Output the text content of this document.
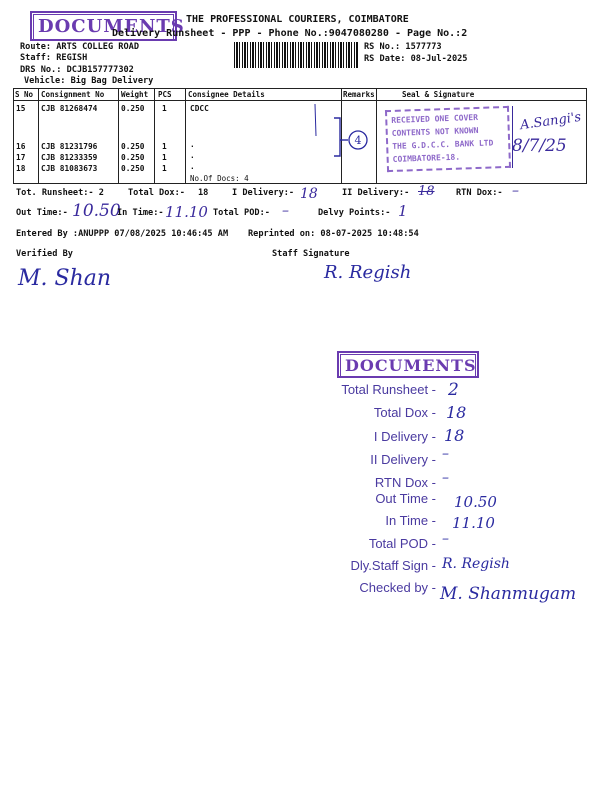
DOCUMENTS THE PROFESSIONAL COURIERS, COIMBATORE
Delivery Runsheet - PPP - Phone No.:9047080280 - Page No.:2
Route: ARTS COLLEG ROAD
Staff: REGISH
DRS No.: DCJB157777302
Vehicle: Big Bag Delivery
RS No.: 1577773
RS Date: 08-Jul-2025
S No Consignment No Weight PCS Consignee Details	Remarks	Seal & Signature
15 CJB 81268474	0.250 1	CDCC
16 CJB 81231796	0.250 1	.
17 CJB 81233359	0.250 1	.
18 CJB 81083673	0.250 1	.
No.Of Docs: 4
4
RECEIVED ONE COVER
CONTENTS NOT KNOWN
THE G.D.C.C. BANK LTD
COIMBATORE-18.
A.Sangi's
8/7/25
Tot. Runsheet:- 2	Total Dox:- 18	I Delivery:- 18	II Delivery:- 18 RTN Dox:- –
Out Time:- 10.50
In Time:- 11.10 Total POD:- –	Delvy Points:- 1
Entered By :ANUPPP 07/08/2025 10:46:45 AM Reprinted on: 08-07-2025 10:48:54
Verified By
M. Shan
Staff Signature
R. Regish
DOCUMENTS
Total Runsheet - 2
Total Dox - 18
I Delivery - 18
II Delivery - –
RTN Dox - –
Out Time - 10.50
In Time - 11.10
Total POD - –
Dly.Staff Sign - R. Regish
Checked by - M. Shanmugam
